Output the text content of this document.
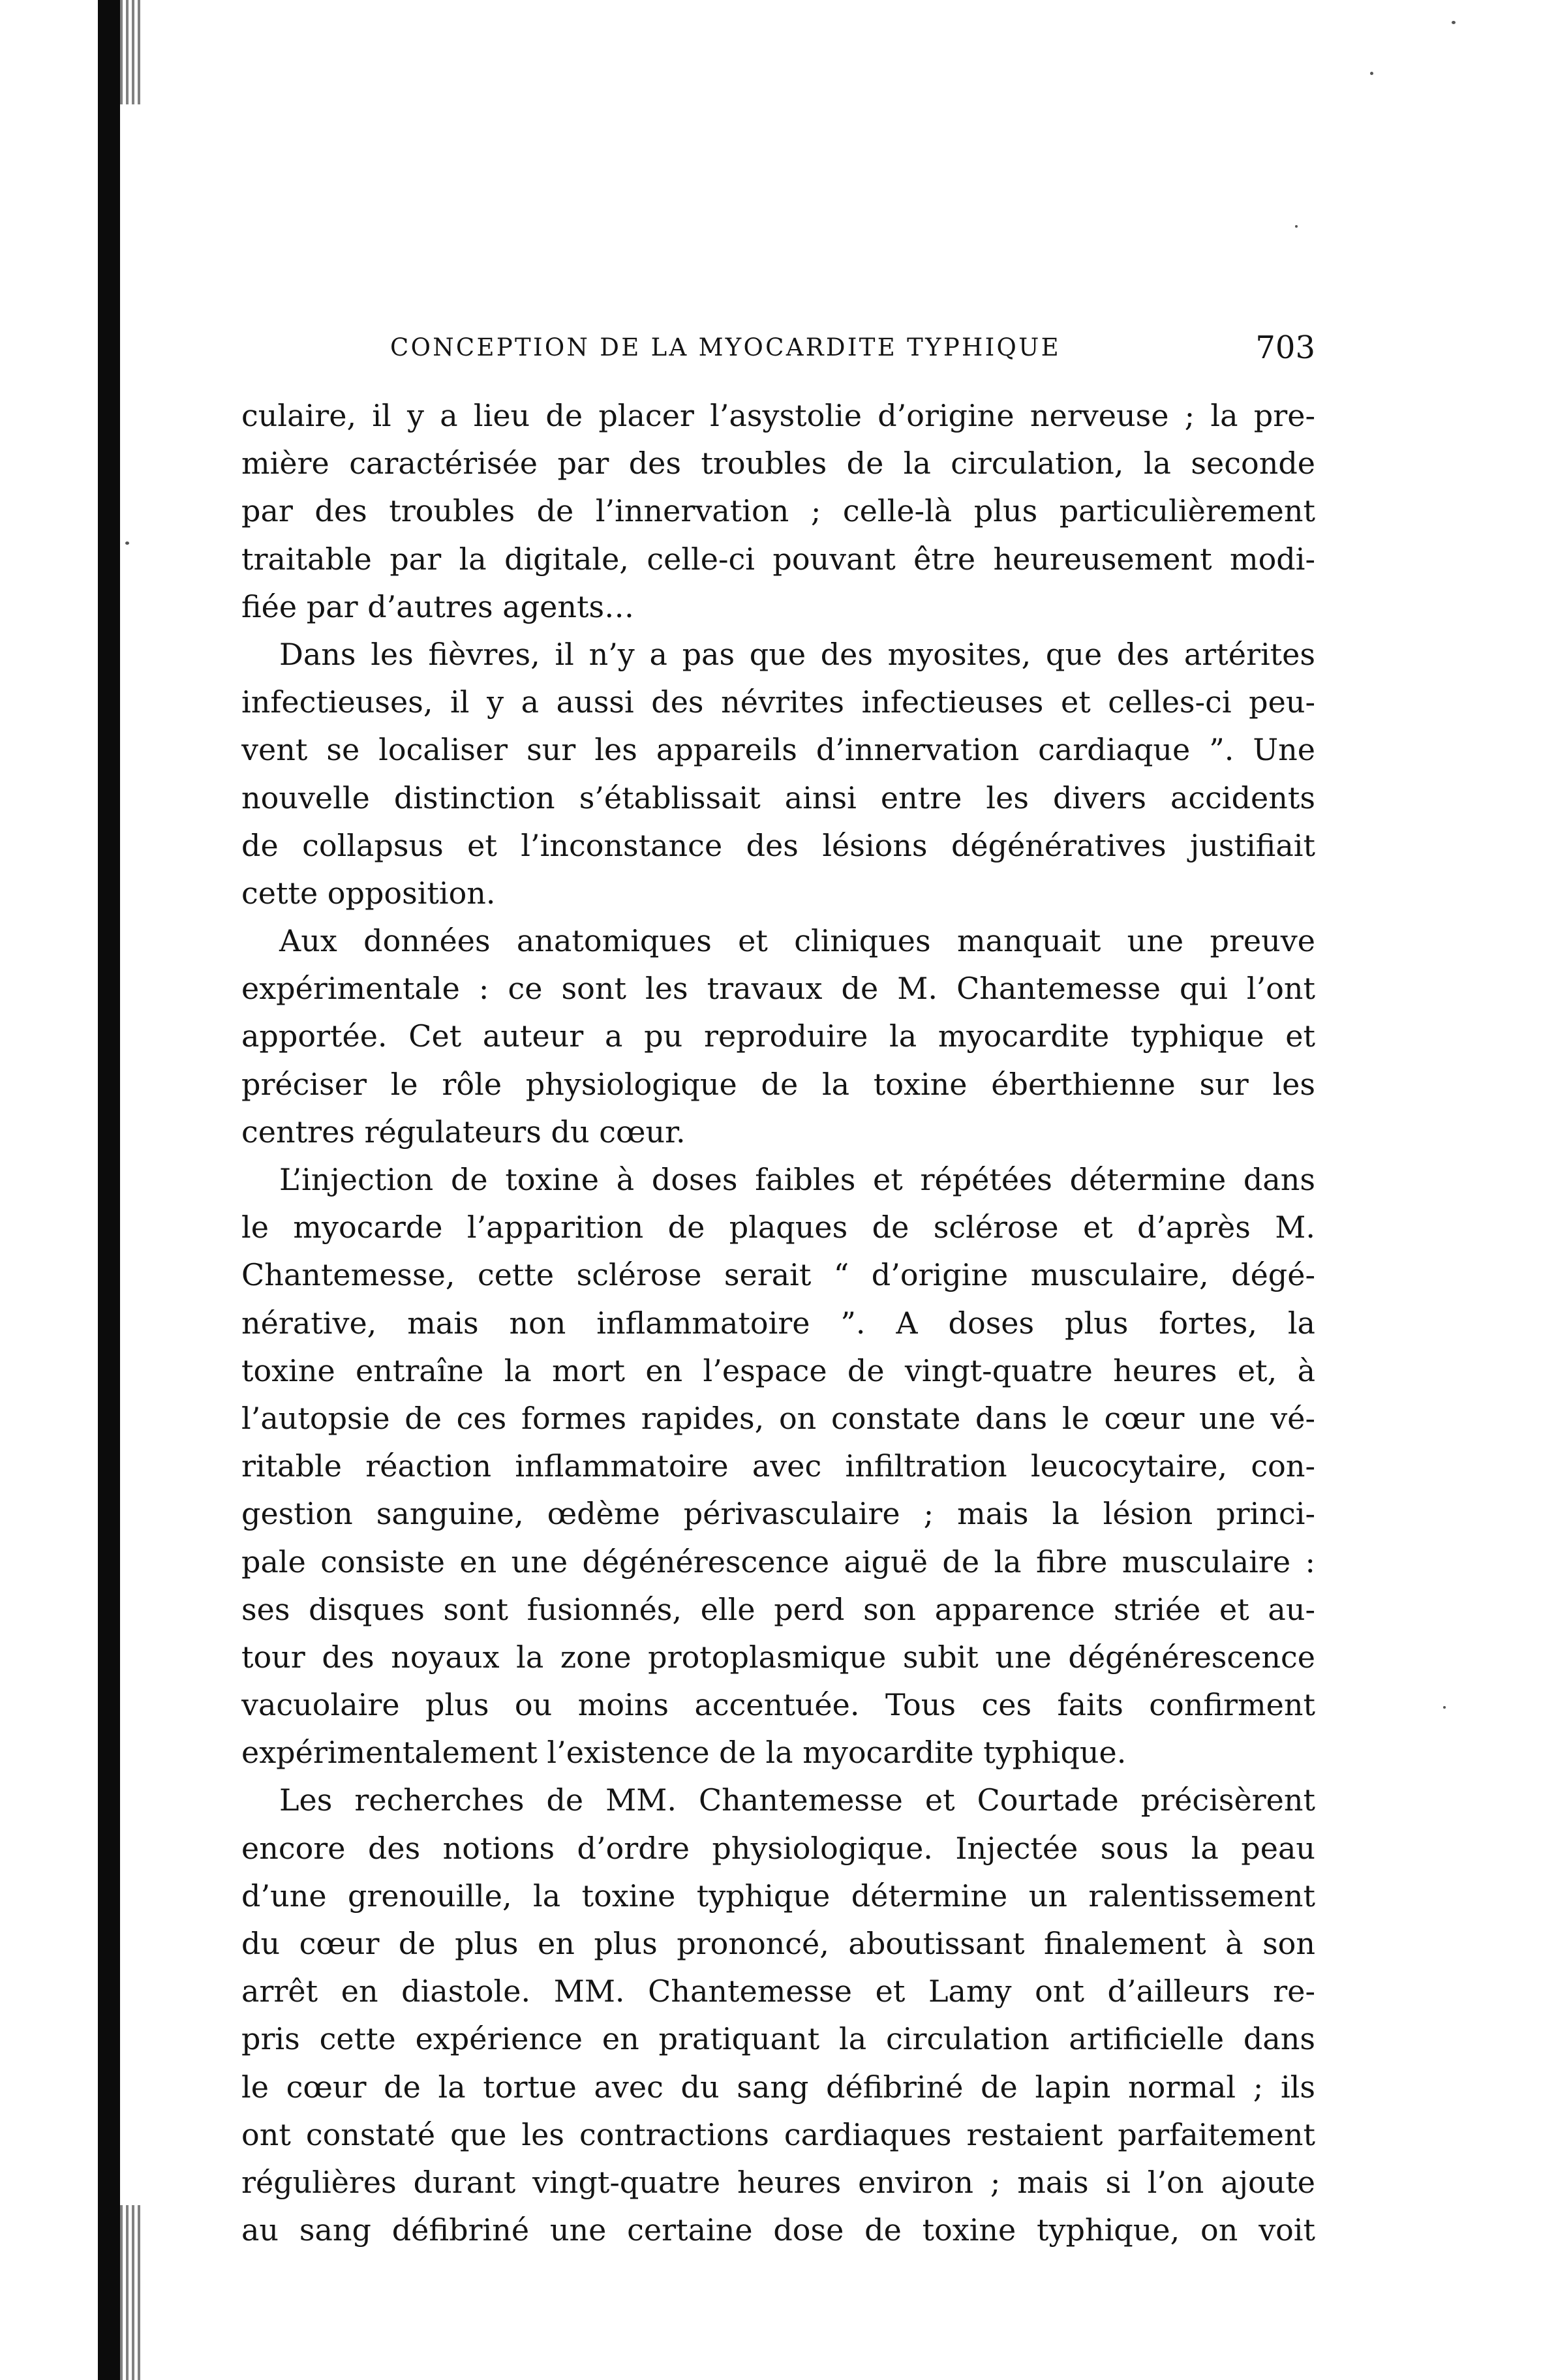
CONCEPTION DE LA MYOCARDITE TYPHIQUE	703
culaire, il y a lieu de placer l’asystolie d’origine nerveuse ; la pre-
mière caractérisée par des troubles de la circulation, la seconde
par des troubles de l’innervation ; celle-là plus particulièrement
traitable par la digitale, celle-ci pouvant être heureusement modi-
fiée par d’autres agents…
Dans les fièvres, il n’y a pas que des myosites, que des artérites
infectieuses, il y a aussi des névrites infectieuses et celles-ci peu-
vent se localiser sur les appareils d’innervation cardiaque ”. Une
nouvelle distinction s’établissait ainsi entre les divers accidents
de collapsus et l’inconstance des lésions dégénératives justifiait
cette opposition.
Aux données anatomiques et cliniques manquait une preuve
expérimentale : ce sont les travaux de M. Chantemesse qui l’ont
apportée. Cet auteur a pu reproduire la myocardite typhique et
préciser le rôle physiologique de la toxine éberthienne sur les
centres régulateurs du cœur.
L’injection de toxine à doses faibles et répétées détermine dans
le myocarde l’apparition de plaques de sclérose et d’après M.
Chantemesse, cette sclérose serait “ d’origine musculaire, dégé-
nérative, mais non inflammatoire ”. A doses plus fortes, la
toxine entraîne la mort en l’espace de vingt-quatre heures et, à
l’autopsie de ces formes rapides, on constate dans le cœur une vé-
ritable réaction inflammatoire avec infiltration leucocytaire, con-
gestion sanguine, œdème périvasculaire ; mais la lésion princi-
pale consiste en une dégénérescence aiguë de la fibre musculaire :
ses disques sont fusionnés, elle perd son apparence striée et au-
tour des noyaux la zone protoplasmique subit une dégénérescence
vacuolaire plus ou moins accentuée. Tous ces faits confirment
expérimentalement l’existence de la myocardite typhique.
Les recherches de MM. Chantemesse et Courtade précisèrent
encore des notions d’ordre physiologique. Injectée sous la peau
d’une grenouille, la toxine typhique détermine un ralentissement
du cœur de plus en plus prononcé, aboutissant finalement à son
arrêt en diastole. MM. Chantemesse et Lamy ont d’ailleurs re-
pris cette expérience en pratiquant la circulation artificielle dans
le cœur de la tortue avec du sang défibriné de lapin normal ; ils
ont constaté que les contractions cardiaques restaient parfaitement
régulières durant vingt-quatre heures environ ; mais si l’on ajoute
au sang défibriné une certaine dose de toxine typhique, on voit
